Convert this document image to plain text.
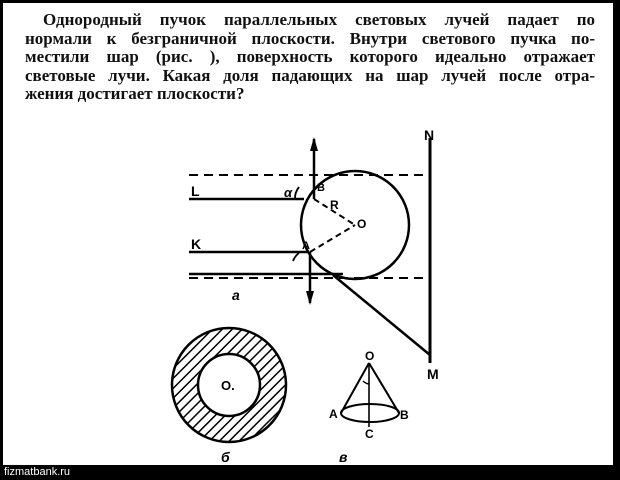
Однородный пучок параллельных световых лучей падает по
нормали к безграничной плоскости. Внутри светового пучка по-
местили шар (рис. ), поверхность которого идеально отражает
световые лучи. Какая доля падающих на шар лучей после отра-
жения достигает плоскости?
N
M
L
K
B
A
α
R
O
а
O.
б
O
A	B
C
в
fizmatbank.ru
